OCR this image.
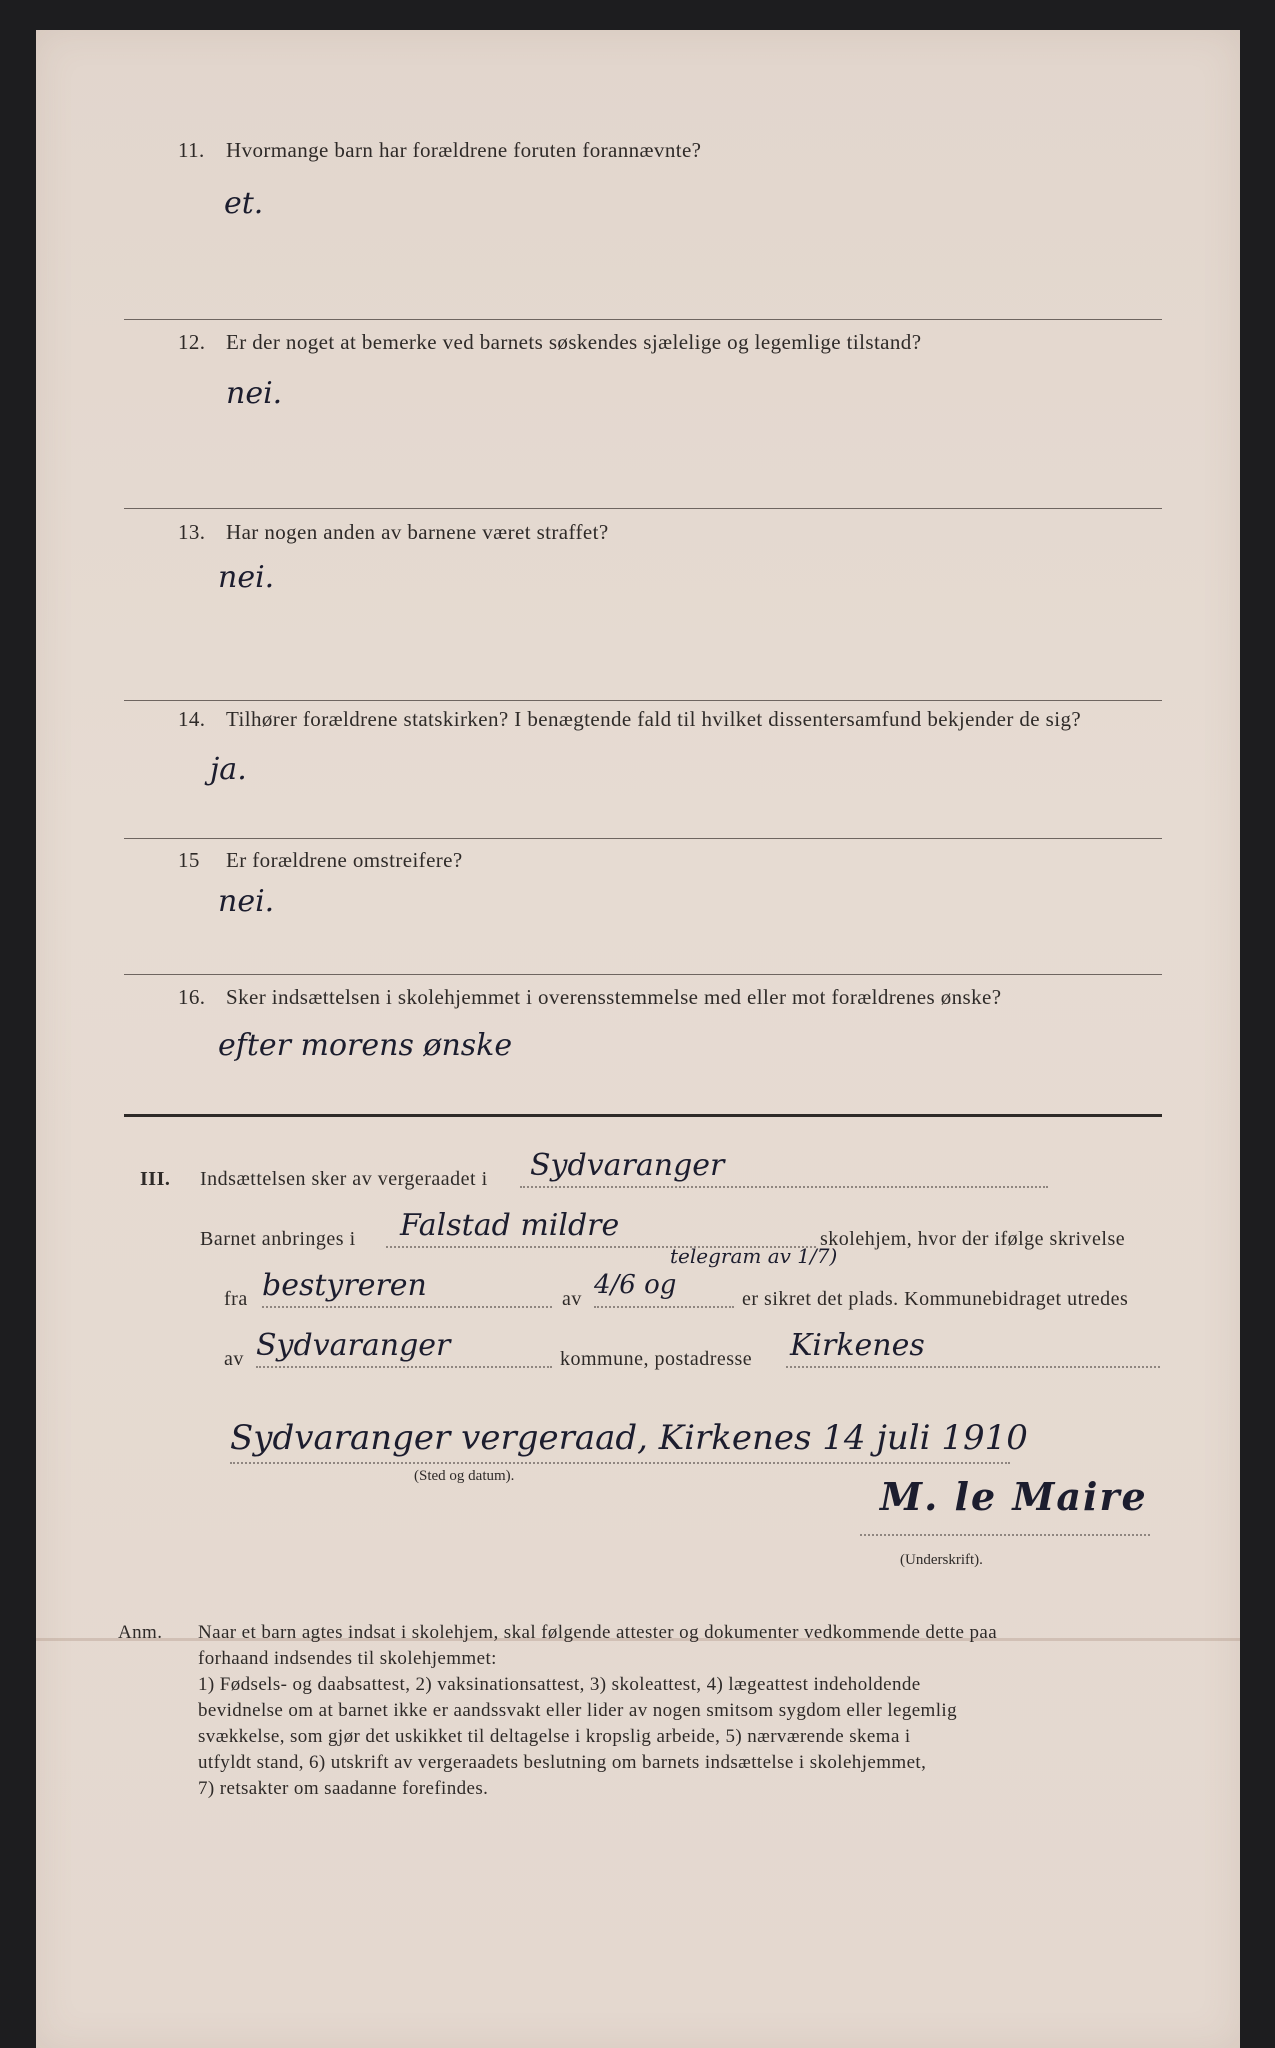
11. Hvormange barn har forældrene foruten forannævnte?
et.
12. Er der noget at bemerke ved barnets søskendes sjælelige og legemlige tilstand?
nei.
13. Har nogen anden av barnene været straffet?
nei.
14. Tilhører forældrene statskirken? I benægtende fald til hvilket dissentersamfund bekjender de sig?
ja.
15 Er forældrene omstreifere?
nei.
16. Sker indsættelsen i skolehjemmet i overensstemmelse med eller mot forældrenes ønske?
efter morens ønske
III. Indsættelsen sker av vergeraadet i Sydvaranger
Barnet anbringes i Falstad mildre	skolehjem, hvor der ifølge skrivelse
fra bestyreren	av 4/6 og
telegram av 1/7)
er sikret det plads. Kommunebidraget utredes
av Sydvaranger	kommune, postadresse Kirkenes
Sydvaranger vergeraad, Kirkenes 14 juli 1910
(Sted og datum).	M. le Maire
(Underskrift).
Anm. Naar et barn agtes indsat i skolehjem, skal følgende attester og dokumenter vedkommende dette paa
forhaand indsendes til skolehjemmet:
1) Fødsels- og daabsattest, 2) vaksinationsattest, 3) skoleattest, 4) lægeattest indeholdende
bevidnelse om at barnet ikke er aandssvakt eller lider av nogen smitsom sygdom eller legemlig
svækkelse, som gjør det uskikket til deltagelse i kropslig arbeide, 5) nærværende skema i
utfyldt stand, 6) utskrift av vergeraadets beslutning om barnets indsættelse i skolehjemmet,
7) retsakter om saadanne forefindes.
